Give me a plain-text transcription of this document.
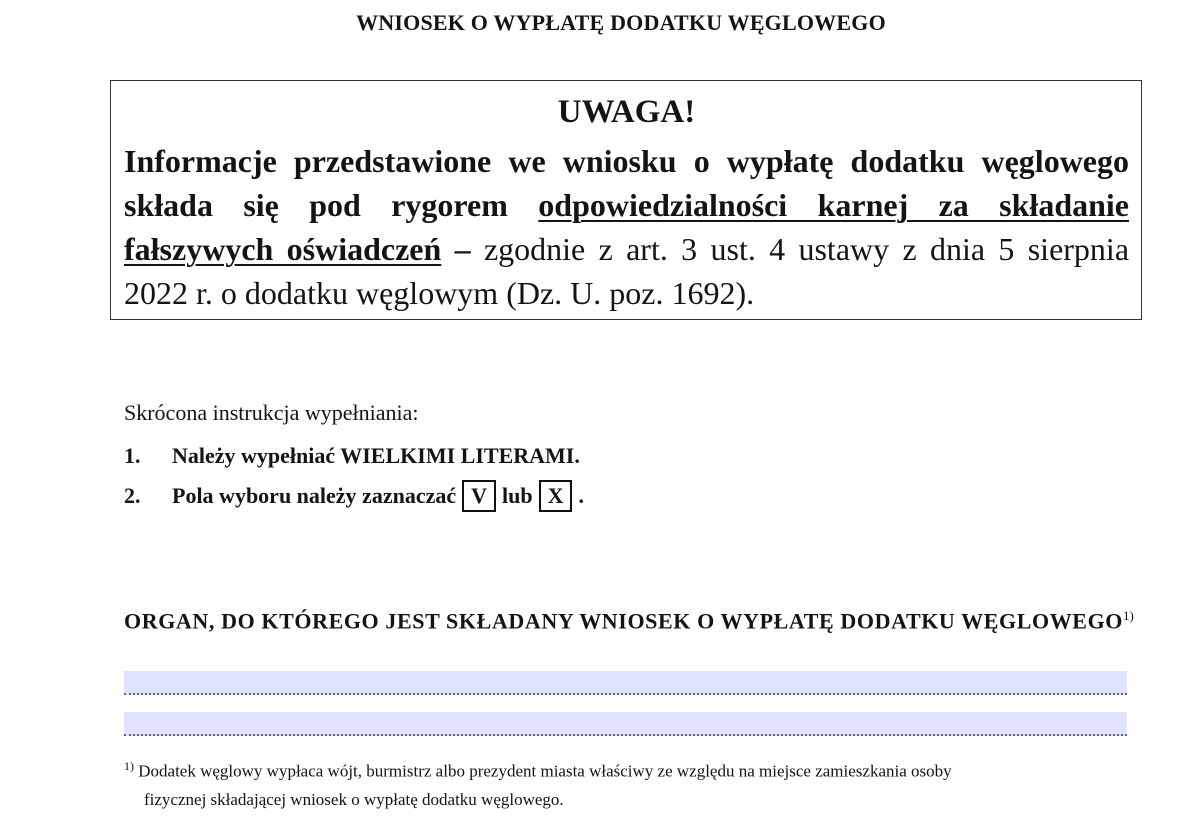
WNIOSEK O WYPŁATĘ DODATKU WĘGLOWEGO

UWAGA!

Informacje przedstawione we wniosku o wypłatę dodatku węglowego składa się pod rygorem odpowiedzialności karnej za składanie fałszywych oświadczeń – zgodnie z art. 3 ust. 4 ustawy z dnia 5 sierpnia 2022 r. o dodatku węglowym (Dz. U. poz. 1692).

Skrócona instrukcja wypełniania:

1.	Należy wypełniać WIELKIMI LITERAMI.
2.	Pola wyboru należy zaznaczać V lub X .

ORGAN, DO KTÓREGO JEST SKŁADANY WNIOSEK O WYPŁATĘ DODATKU WĘGLOWEGO$^{1)}$

$^{1)}$ Dodatek węglowy wypłaca wójt, burmistrz albo prezydent miasta właściwy ze względu na miejsce zamieszkania osoby
fizycznej składającej wniosek o wypłatę dodatku węglowego.
